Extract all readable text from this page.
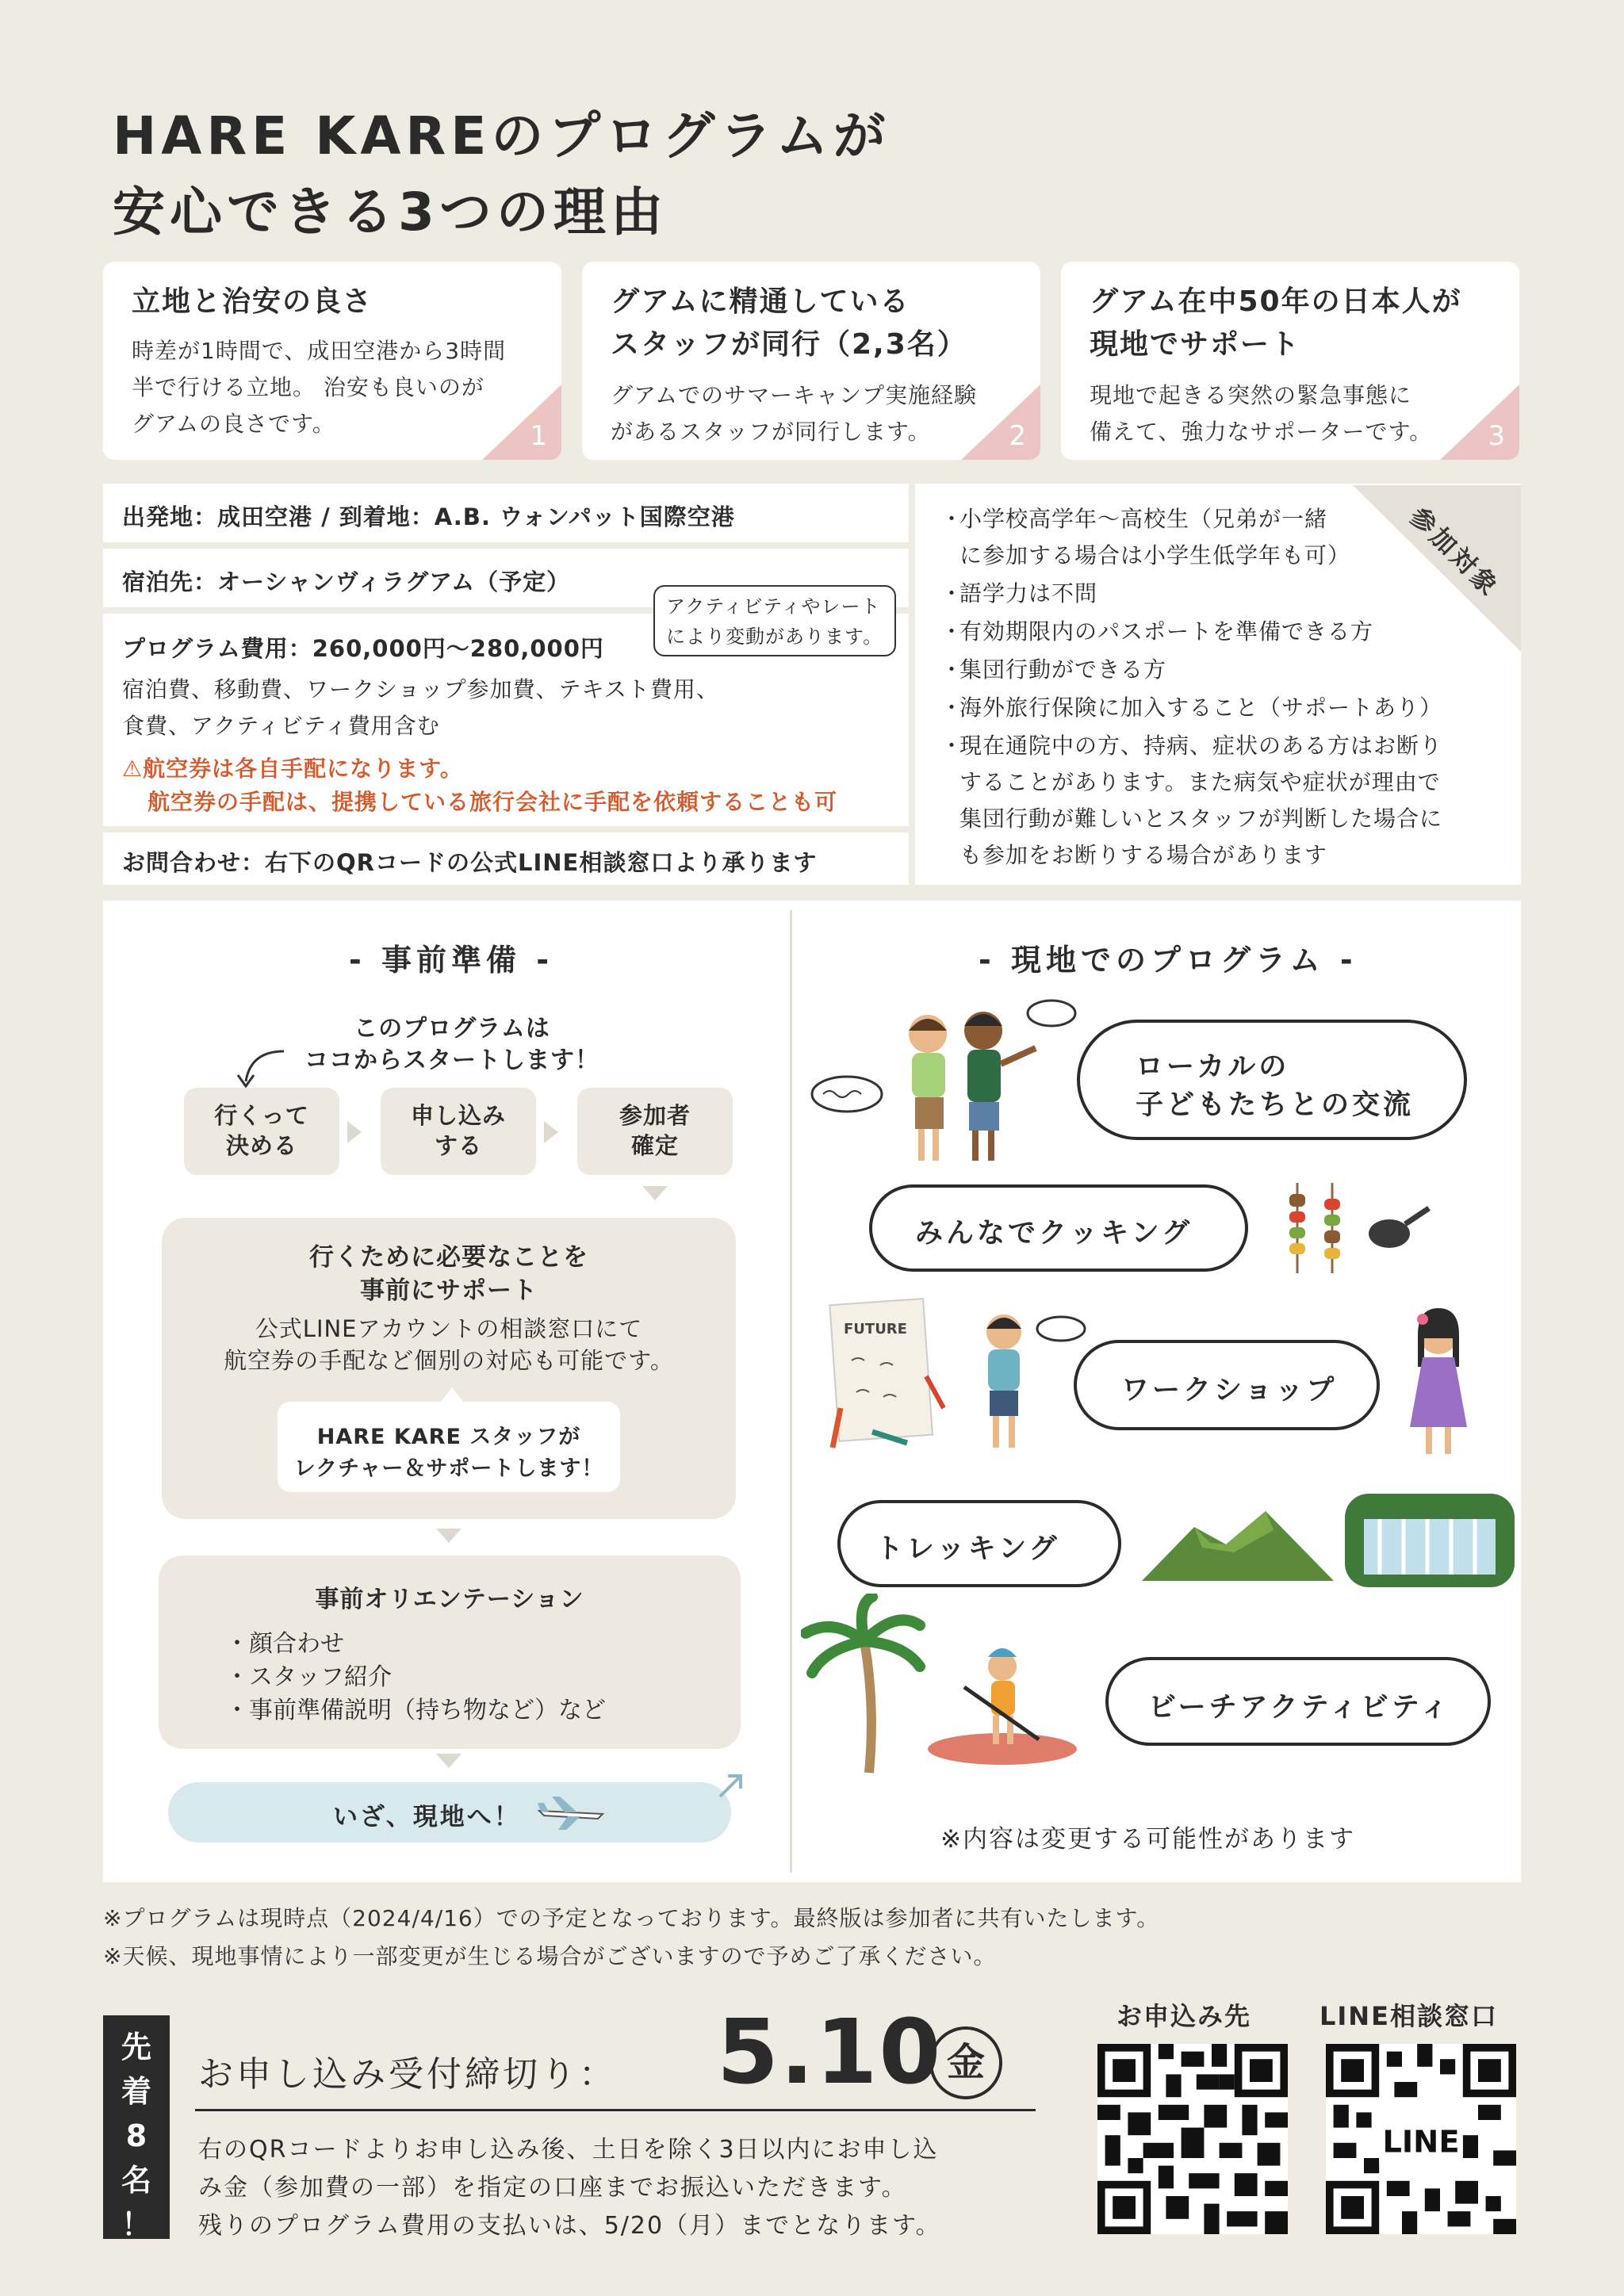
HARE KAREのプログラムが
安心できる3つの理由
立地と治安の良さ
時差が1時間で、成田空港から3時間
半で行ける立地。 治安も良いのが
グアムの良さです。	1
グアムに精通している
スタッフが同行（2,3名）
グアムでのサマーキャンプ実施経験
があるスタッフが同行します。	2
グアム在中50年の日本人が
現地でサポート
現地で起きる突然の緊急事態に
備えて、強力なサポーターです。 3
出発地：成田空港 / 到着地：A.B. ウォンパット国際空港
宿泊先：オーシャンヴィラグアム（予定）
プログラム費用：260,000円〜280,000円
宿泊費、移動費、ワークショップ参加費、テキスト費用、
食費、アクティビティ費用含む
⚠航空券は各自手配になります。
航空券の手配は、提携している旅行会社に手配を依頼することも可
アクティビティやレート
により変動があります。
お問合わせ：右下のQRコードの公式LINE相談窓口より承ります
参加対象
・
小学校高学年〜高校生（兄弟が一緒
に参加する場合は小学生低学年も可）
・
語学力は不問
・
有効期限内のパスポートを準備できる方
・
集団行動ができる方
・
海外旅行保険に加入すること（サポートあり）
・
現在通院中の方、持病、症状のある方はお断り
することがあります。また病気や症状が理由で
集団行動が難しいとスタッフが判断した場合に
も参加をお断りする場合があります
- 事前準備 -
このプログラムは
ココからスタートします！
行くって
決める
申し込み
する
参加者
確定
行くために必要なことを
事前にサポート
公式LINEアカウントの相談窓口にて
航空券の手配など個別の対応も可能です。
HARE KARE スタッフが
レクチャー＆サポートします！
事前オリエンテーション
・顔合わせ
・スタッフ紹介
・事前準備説明（持ち物など）など
いざ、現地へ！
- 現地でのプログラム -
ローカルの
子どもたちとの交流
みんなでクッキング
FUTURE
ワークショップ
トレッキング
ビーチアクティビティ
※内容は変更する可能性があります
※プログラムは現時点（2024/4/16）での予定となっております。最終版は参加者に共有いたします。
※天候、現地事情により一部変更が生じる場合がございますので予めご了承ください。
先
着
8
名
！
お申し込み受付締切り： 5.10 金
右のQRコードよりお申し込み後、土日を除く3日以内にお申し込
み金（参加費の一部）を指定の口座までお振込いただきます。
残りのプログラム費用の支払いは、5/20（月）までとなります。
お申込み先	LINE相談窓口
LINE
